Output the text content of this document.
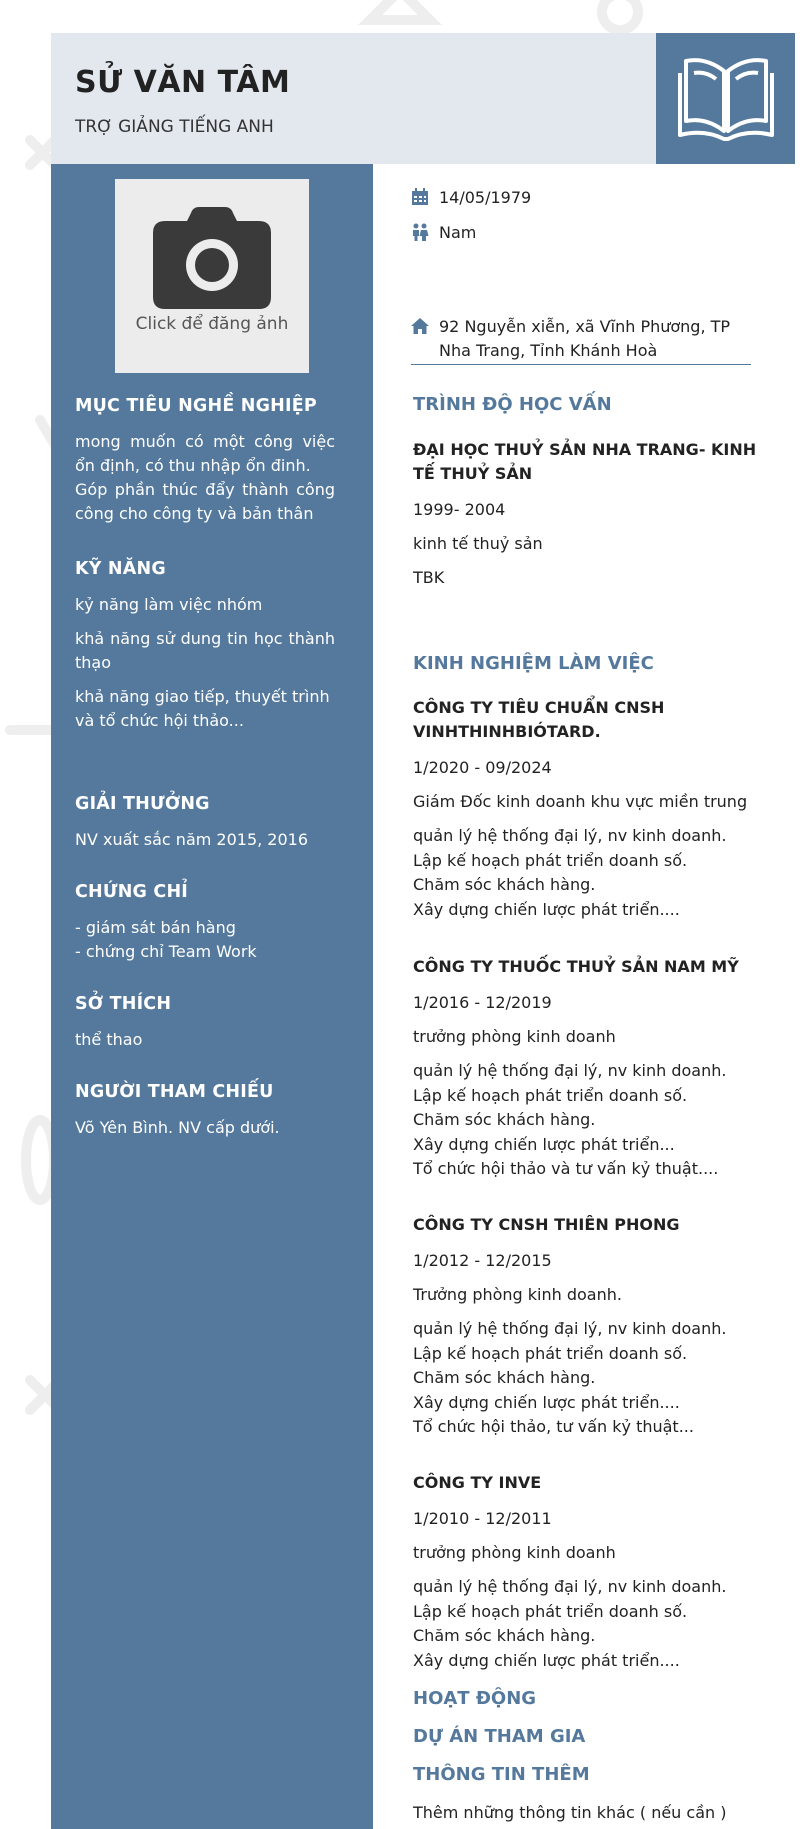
SỬ VĂN TÂM
TRỢ GIẢNG TIẾNG ANH
Click để đăng ảnh
MỤC TIÊU NGHỀ NGHIỆP
mong muốn có một công việc ổn định, có thu nhập ổn đinh.
Góp phần thúc đẩy thành công công cho công ty và bản thân
KỸ NĂNG
kỷ năng làm việc nhóm
khả năng sử dung tin học thành thạo
khả năng giao tiếp, thuyết trình và tổ chức hội thảo...
GIẢI THƯỞNG
NV xuất sắc năm 2015, 2016
CHỨNG CHỈ
- giám sát bán hàng
- chứng chỉ Team Work
SỞ THÍCH
thể thao
NGƯỜI THAM CHIẾU
Võ Yên Bình. NV cấp dưới.
14/05/1979
Nam
92 Nguyễn xiễn, xã Vĩnh Phương, TP Nha Trang, Tỉnh Khánh Hoà
TRÌNH ĐỘ HỌC VẤN
ĐẠI HỌC THUỶ SẢN NHA TRANG- KINH TẾ THUỶ SẢN
1999- 2004
kinh tế thuỷ sản
TBK
KINH NGHIỆM LÀM VIỆC
CÔNG TY TIÊU CHUẨN CNSH VINHTHINHBIÓTARD.
1/2020 - 09/2024
Giám Đốc kinh doanh khu vực miền trung
quản lý hệ thống đại lý, nv kinh doanh.
Lập kế hoạch phát triển doanh số.
Chăm sóc khách hàng.
Xây dựng chiến lược phát triển....
CÔNG TY THUỐC THUỶ SẢN NAM MỸ
1/2016 - 12/2019
trưởng phòng kinh doanh
quản lý hệ thống đại lý, nv kinh doanh.
Lập kế hoạch phát triển doanh số.
Chăm sóc khách hàng.
Xây dựng chiến lược phát triển...
Tổ chức hội thảo và tư vấn kỷ thuật....
CÔNG TY CNSH THIÊN PHONG
1/2012 - 12/2015
Trưởng phòng kinh doanh.
quản lý hệ thống đại lý, nv kinh doanh.
Lập kế hoạch phát triển doanh số.
Chăm sóc khách hàng.
Xây dựng chiến lược phát triển....
Tổ chức hội thảo, tư vấn kỷ thuật...
CÔNG TY INVE
1/2010 - 12/2011
trưởng phòng kinh doanh
quản lý hệ thống đại lý, nv kinh doanh.
Lập kế hoạch phát triển doanh số.
Chăm sóc khách hàng.
Xây dựng chiến lược phát triển....
HOẠT ĐỘNG
DỰ ÁN THAM GIA
THÔNG TIN THÊM
Thêm những thông tin khác ( nếu cần )
